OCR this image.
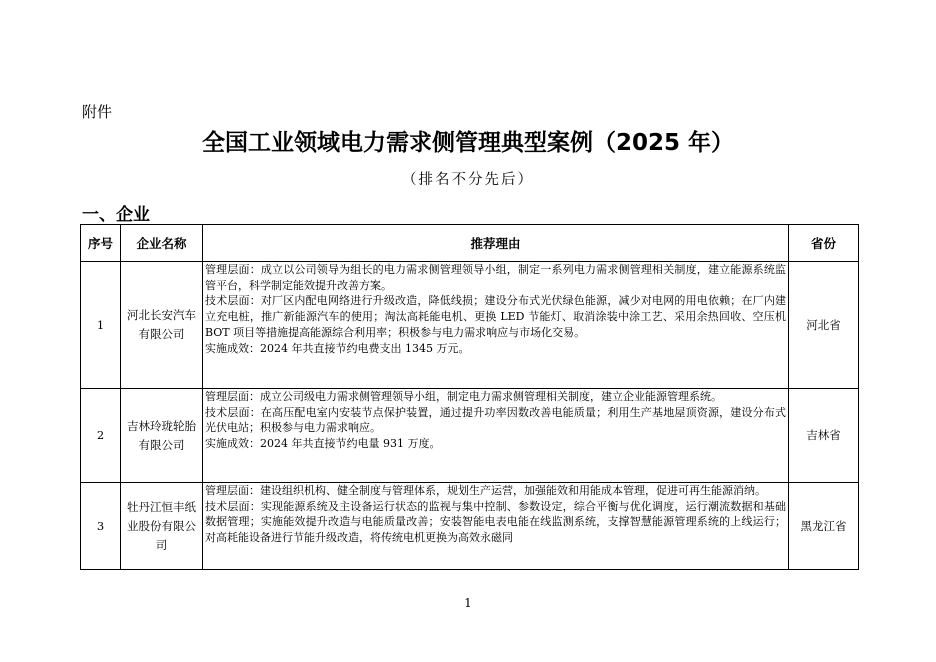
附件
全国工业领域电力需求侧管理典型案例（2025 年）
（排名不分先后）
一、企业
序号	企业名称	推荐理由	省份
1	河北长安汽车有限公司	管理层面：成立以公司领导为组长的电力需求侧管理领导小组，制定一系列电力需求侧管理相关制度，建立能源系统监管平台，科学制定能效提升改善方案。

技术层面：对厂区内配电网络进行升级改造，降低线损；建设分布式光伏绿色能源，减少对电网的用电依赖；在厂内建立充电桩，推广新能源汽车的使用；淘汰高耗能电机、更换 LED 节能灯、取消涂装中涂工艺、采用余热回收、空压机 BOT 项目等措施提高能源综合利用率；积极参与电力需求响应与市场化交易。

实施成效：2024 年共直接节约电费支出 1345 万元。	河北省
2	吉林玲珑轮胎有限公司	管理层面：成立公司级电力需求侧管理领导小组，制定电力需求侧管理相关制度，建立企业能源管理系统。

技术层面：在高压配电室内安装节点保护装置，通过提升功率因数改善电能质量；利用生产基地屋顶资源，建设分布式光伏电站；积极参与电力需求响应。

实施成效：2024 年共直接节约电量 931 万度。	吉林省
3	牡丹江恒丰纸业股份有限公司	管理层面：建设组织机构、健全制度与管理体系，规划生产运营，加强能效和用能成本管理，促进可再生能源消纳。

技术层面：实现能源系统及主设备运行状态的监视与集中控制、参数设定，综合平衡与优化调度，运行潮流数据和基础数据管理；实施能效提升改造与电能质量改善；安装智能电表电能在线监测系统，支撑智慧能源管理系统的上线运行；对高耗能设备进行节能升级改造，将传统电机更换为高效永磁同	黑龙江省
1
